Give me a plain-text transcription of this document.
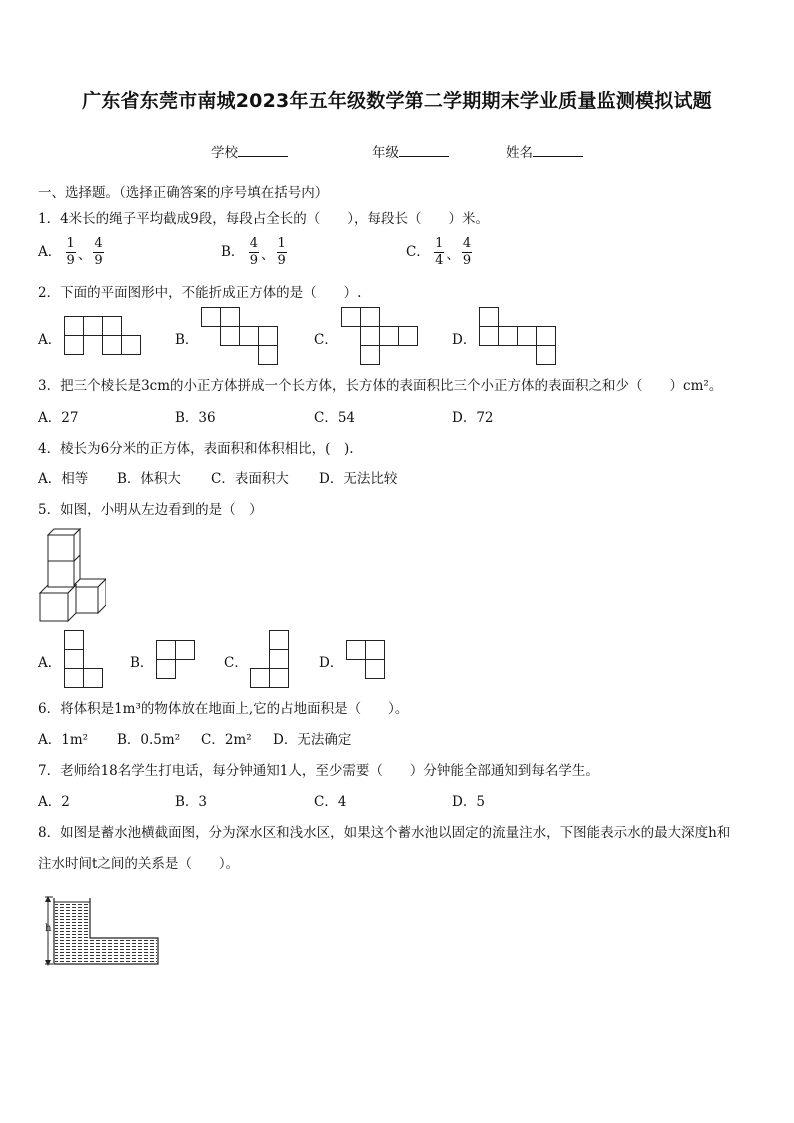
广东省东莞市南城2023年五年级数学第二学期期末学业质量监测模拟试题
学校	年级	姓名
一、选择题。（选择正确答案的序号填在括号内）
1．4米长的绳子平均截成9段，每段占全长的（　　），每段长（　　）米。
A． $\frac{1}{9}$ 、 $\frac{4}{9}$	B． $\frac{4}{9}$ 、 $\frac{1}{9}$	C． $\frac{1}{4}$ 、 $\frac{4}{9}$
2．下面的平面图形中，不能折成正方体的是（　　）.
A．	B．	C．	D．
3．把三个棱长是3cm的小正方体拼成一个长方体，长方体的表面积比三个小正方体的表面积之和少（　　）cm²。
A．27	B．36	C．54	D．72
4．棱长为6分米的正方体，表面积和体积相比，(　).
A．相等 B．体积大 C．表面积大 D．无法比较
5．如图，小明从左边看到的是（　）
A．	B．	C．	D．
6．将体积是1m³的物体放在地面上,它的占地面积是（　　）。
A．1m² B．0.5m² C．2m² D．无法确定
7．老师给18名学生打电话，每分钟通知1人，至少需要（　　）分钟能全部通知到每名学生。
A．2	B．3	C．4	D．5
8．如图是蓄水池横截面图，分为深水区和浅水区，如果这个蓄水池以固定的流量注水，下图能表示水的最大深度h和
注水时间t之间的关系是（　　）。
h
